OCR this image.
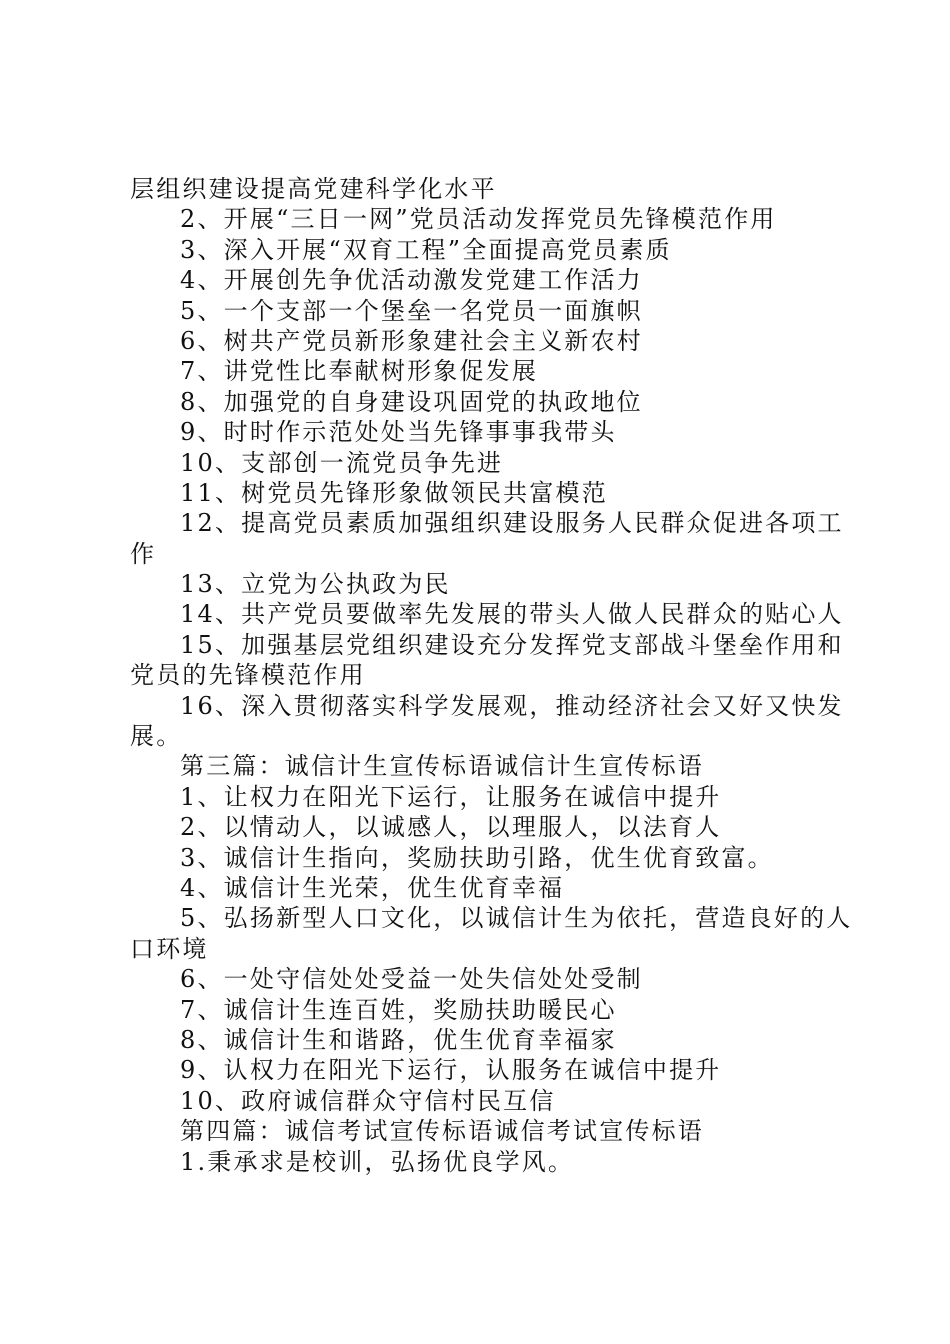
层组织建设提高党建科学化水平
2、开展“三日一网”党员活动发挥党员先锋模范作用
3、深入开展“双育工程”全面提高党员素质
4、开展创先争优活动激发党建工作活力
5、一个支部一个堡垒一名党员一面旗帜
6、树共产党员新形象建社会主义新农村
7、讲党性比奉献树形象促发展
8、加强党的自身建设巩固党的执政地位
9、时时作示范处处当先锋事事我带头
10、支部创一流党员争先进
11、树党员先锋形象做领民共富模范
12、提高党员素质加强组织建设服务人民群众促进各项工
作
13、立党为公执政为民
14、共产党员要做率先发展的带头人做人民群众的贴心人
15、加强基层党组织建设充分发挥党支部战斗堡垒作用和
党员的先锋模范作用
16、深入贯彻落实科学发展观，推动经济社会又好又快发
展。
第三篇：诚信计生宣传标语诚信计生宣传标语
1、让权力在阳光下运行，让服务在诚信中提升
2、以情动人，以诚感人，以理服人，以法育人
3、诚信计生指向，奖励扶助引路，优生优育致富。
4、诚信计生光荣，优生优育幸福
5、弘扬新型人口文化，以诚信计生为依托，营造良好的人
口环境
6、一处守信处处受益一处失信处处受制
7、诚信计生连百姓，奖励扶助暖民心
8、诚信计生和谐路，优生优育幸福家
9、认权力在阳光下运行，认服务在诚信中提升
10、政府诚信群众守信村民互信
第四篇：诚信考试宣传标语诚信考试宣传标语
1.秉承求是校训，弘扬优良学风。
